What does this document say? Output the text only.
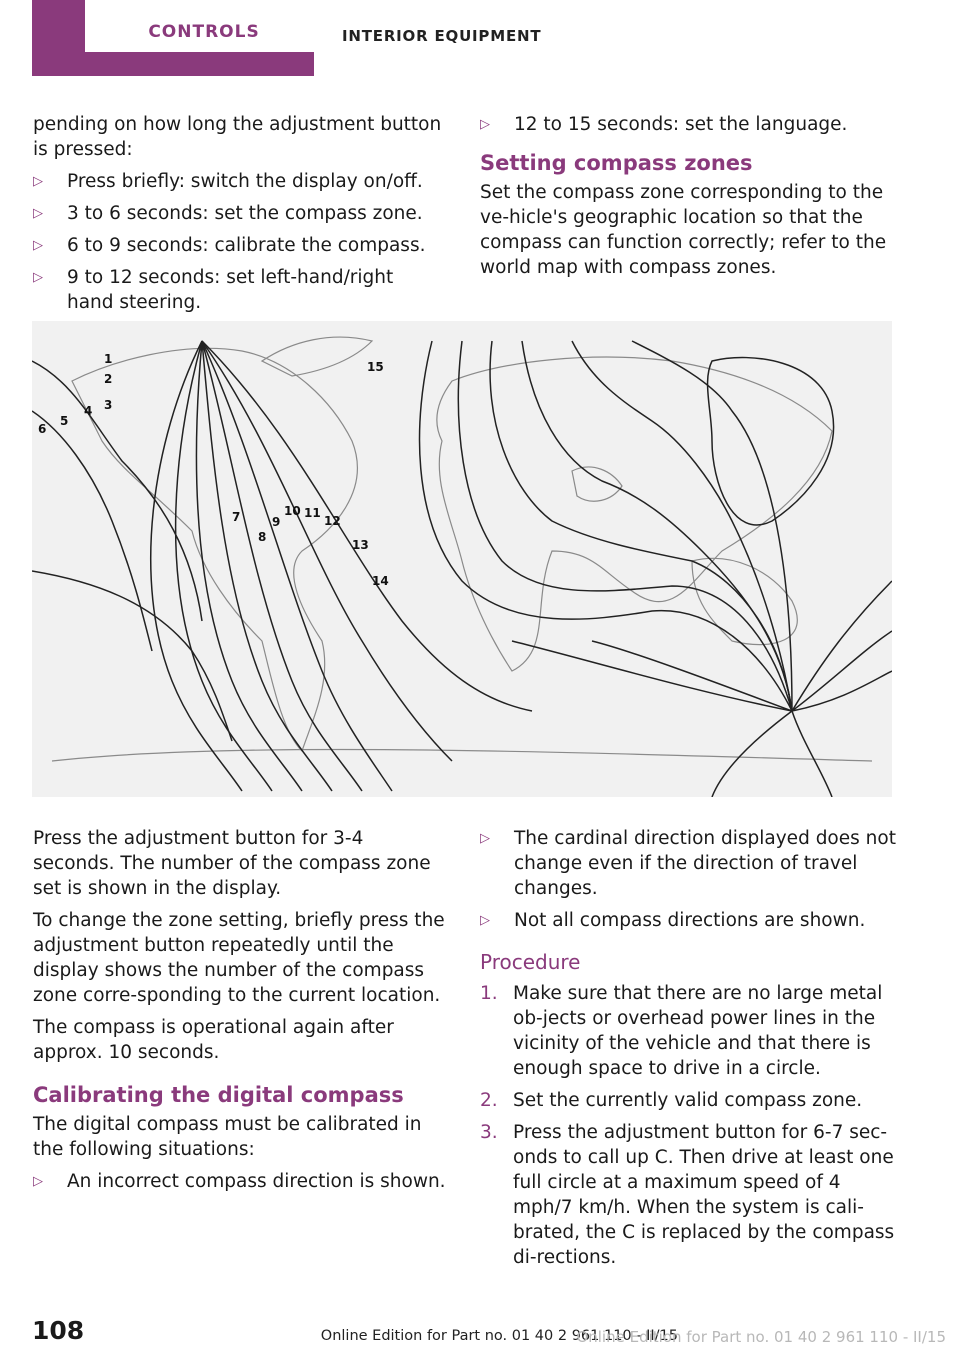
CONTROLS	INTERIOR EQUIPMENT

pending on how long the adjustment button is pressed:

▷	Press briefly: switch the display on/off.
▷	3 to 6 seconds: set the compass zone.
▷	6 to 9 seconds: calibrate the compass.
▷	9 to 12 seconds: set left-hand/right hand steering.
▷	12 to 15 seconds: set the language.
Setting compass zones

Set the compass zone corresponding to the ve-hicle's geographic location so that the compass can function correctly; refer to the world map with compass zones.

1
2
3
4
5
6
7
8
9
10 11
12
13
14
15

Press the adjustment button for 3-4 seconds. The number of the compass zone set is shown in the display.

To change the zone setting, briefly press the adjustment button repeatedly until the display shows the number of the compass zone corre-sponding to the current location.

The compass is operational again after approx. 10 seconds.

Calibrating the digital compass

The digital compass must be calibrated in the following situations:

▷	An incorrect compass direction is shown.
▷	The cardinal direction displayed does not change even if the direction of travel changes.
▷	Not all compass directions are shown.
Procedure
1. Make sure that there are no large metal ob-jects or overhead power lines in the vicinity of the vehicle and that there is enough space to drive in a circle.
2. Set the currently valid compass zone.
3. Press the adjustment button for 6-7 sec-onds to call up C. Then drive at least one full circle at a maximum speed of 4 mph/7 km/h. When the system is cali-brated, the C is replaced by the compass di-rections.
108	Online Edition for Part no. 01 40 2 961 110 - II/15
Online Edition for Part no. 01 40 2 961 110 - II/15
